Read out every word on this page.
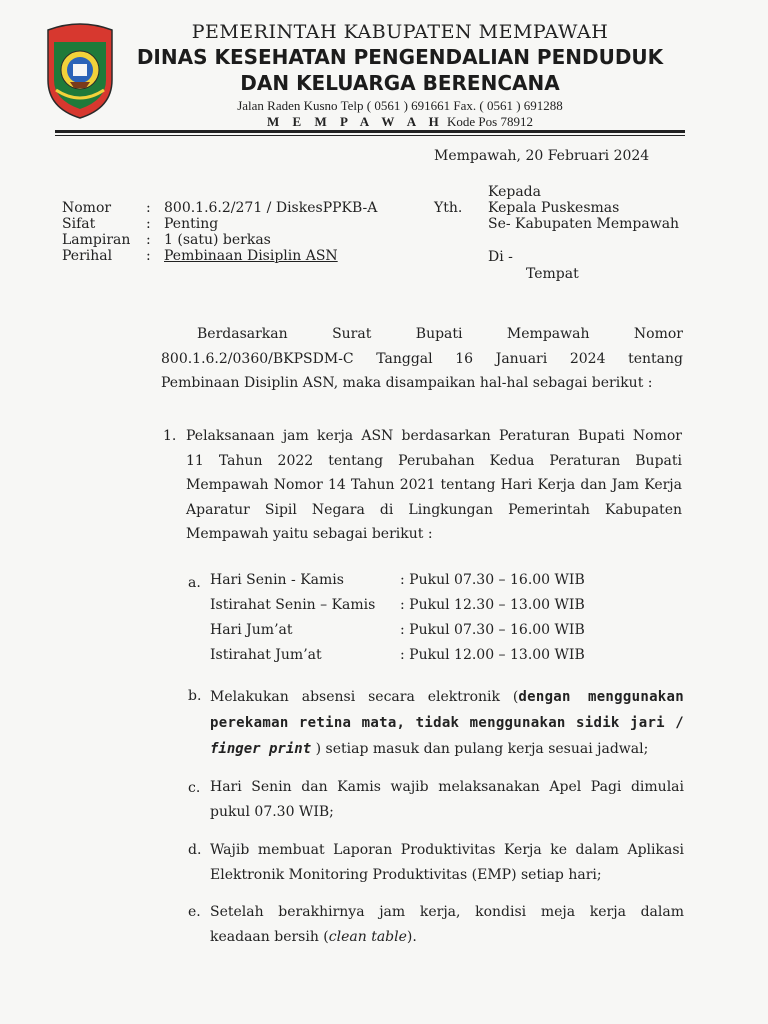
PEMERINTAH KABUPATEN MEMPAWAH
DINAS KESEHATAN PENGENDALIAN PENDUDUK
DAN KELUARGA BERENCANA
Jalan Raden Kusno Telp ( 0561 ) 691661 Fax. ( 0561 ) 691288
M E M P A W A H Kode Pos 78912
Mempawah, 20 Februari 2024
Nomor	:	800.1.6.2/271 / DiskesPPKB-A
Sifat	:	Penting
Lampiran	:	1 (satu) berkas
Perihal	:	Pembinaan Disiplin ASN
Kepada
Yth. Kepala Puskesmas
Se- Kabupaten Mempawah
Di -
Tempat
Berdasarkan	Surat	Bupati	Mempawah	Nomor
800.1.6.2/0360/BKPSDM-C Tanggal 16 Januari 2024 tentang
Pembinaan Disiplin ASN, maka disampaikan hal-hal sebagai berikut :
1. Pelaksanaan jam kerja ASN berdasarkan Peraturan Bupati Nomor
11 Tahun 2022 tentang Perubahan Kedua Peraturan Bupati
Mempawah Nomor 14 Tahun 2021 tentang Hari Kerja dan Jam Kerja
Aparatur Sipil Negara di Lingkungan Pemerintah Kabupaten
Mempawah yaitu sebagai berikut :
a. Hari Senin - Kamis	: Pukul 07.30 – 16.00 WIB
Istirahat Senin – Kamis	: Pukul 12.30 – 13.00 WIB
Hari Jum’at	: Pukul 07.30 – 16.00 WIB
Istirahat Jum’at	: Pukul 12.00 – 13.00 WIB
b. Melakukan absensi secara elektronik (dengan menggunakan
perekaman retina mata, tidak menggunakan sidik jari /
finger print ) setiap masuk dan pulang kerja sesuai jadwal;
c. Hari Senin dan Kamis wajib melaksanakan Apel Pagi dimulai
pukul 07.30 WIB;
d. Wajib membuat Laporan Produktivitas Kerja ke dalam Aplikasi
Elektronik Monitoring Produktivitas (EMP) setiap hari;
e. Setelah berakhirnya jam kerja, kondisi meja kerja dalam
keadaan bersih (clean table).
